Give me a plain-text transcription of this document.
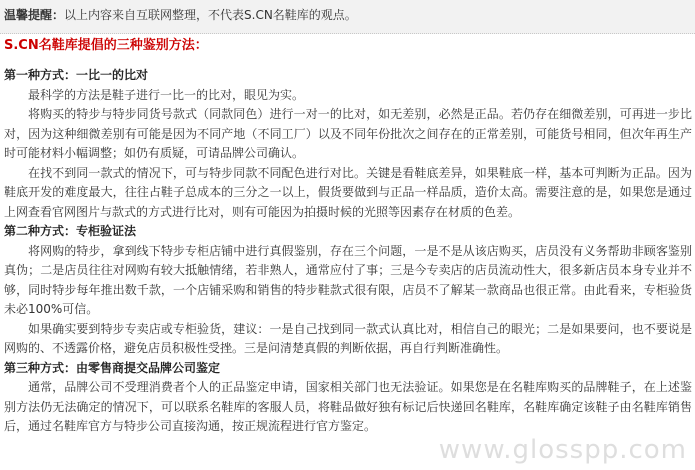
温馨提醒：以上内容来自互联网整理，不代表S.CN名鞋库的观点。
S.CN名鞋库提倡的三种鉴别方法：
第一种方式：一比一的比对

最科学的方法是鞋子进行一比一的比对，眼见为实。

将购买的特步与特步同货号款式（同款同色）进行一对一的比对，如无差别，必然是正品。若仍存在细微差别，可再进一步比对，因为这种细微差别有可能是因为不同产地（不同工厂）以及不同年份批次之间存在的正常差别，可能货号相同，但次年再生产时可能材料小幅调整；如仍有质疑，可请品牌公司确认。

在找不到同一款式的情况下，可与特步同款不同配色进行对比。关键是看鞋底差异，如果鞋底一样，基本可判断为正品。因为鞋底开发的难度最大，往往占鞋子总成本的三分之一以上，假货要做到与正品一样品质，造价太高。需要注意的是，如果您是通过上网查看官网图片与款式的方式进行比对，则有可能因为拍摄时候的光照等因素存在材质的色差。

第二种方式：专柜验证法

将网购的特步，拿到线下特步专柜店铺中进行真假鉴别，存在三个问题，一是不是从该店购买，店员没有义务帮助非顾客鉴别真伪；二是店员往往对网购有较大抵触情绪，若非熟人，通常应付了事；三是今专卖店的店员流动性大，很多新店员本身专业并不够，同时特步每年推出数千款，一个店铺采购和销售的特步鞋款式很有限，店员不了解某一款商品也很正常。由此看来，专柜验货未必100%可信。

如果确实要到特步专卖店或专柜验货，建议：一是自己找到同一款式认真比对，相信自己的眼光；二是如果要问，也不要说是网购的、不透露价格，避免店员积极性受挫。三是问清楚真假的判断依据，再自行判断准确性。

第三种方式：由零售商提交品牌公司鉴定

通常，品牌公司不受理消费者个人的正品鉴定申请，国家相关部门也无法验证。如果您是在名鞋库购买的品牌鞋子，在上述鉴别方法仍无法确定的情况下，可以联系名鞋库的客服人员，将鞋品做好独有标记后快递回名鞋库，名鞋库确定该鞋子由名鞋库销售后，通过名鞋库官方与特步公司直接沟通，按正规流程进行官方鉴定。

www.glosspp.com
